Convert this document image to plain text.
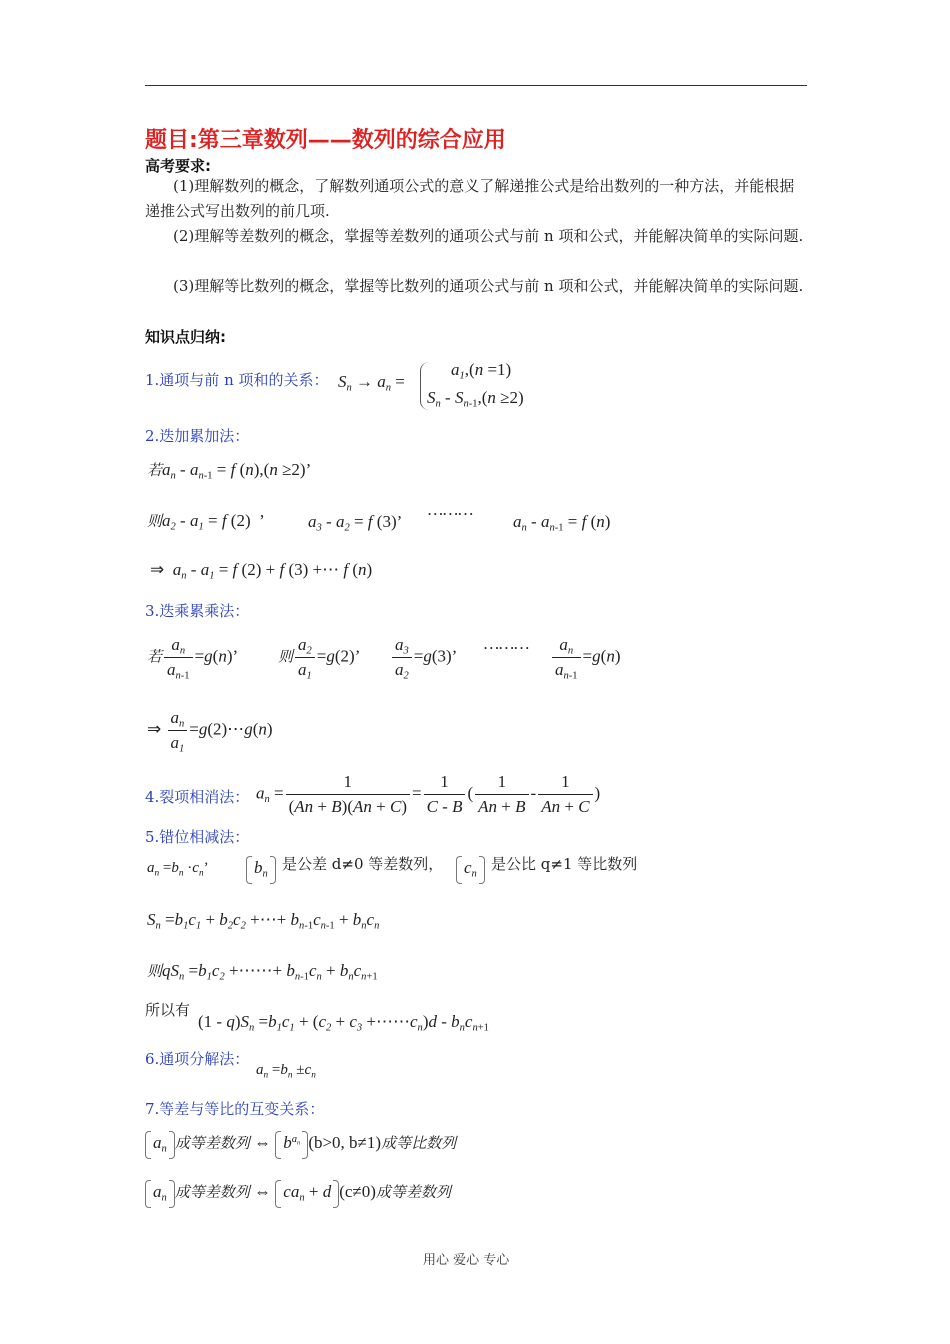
题目:第三章数列——数列的综合应用
高考要求:
(1)理解数列的概念，了解数列通项公式的意义了解递推公式是给出数列的一种方法，并能根据递推公式写出数列的前几项.
(2)理解等差数列的概念，掌握等差数列的通项公式与前 n 项和公式，并能解决简单的实际问题.
(3)理解等比数列的概念，掌握等比数列的通项公式与前 n 项和公式，并能解决简单的实际问题.
知识点归纳:
1.通项与前 n 项和的关系： $S_n \to a_n$ =
$a_1,(n =1)$
$S_n - S_{n-1},(n \ge 2)$
2.迭加累加法：
若$a_n - a_{n-1} = f$ (n),(n ≥2)’
则$a_2 - a_1 = f$ (2) ’	$a_3 - a_2 = f$ (3)’
………
$a_n - a_{n-1} = f$ (n)
⇒  $a_n - a_1 = f$ (2) + f (3) +⋯ f (n)
3.迭乘累乘法：
若 $\frac{a_n}{a_{n-1}} =g(n)$’	则 $\frac{a_2}{a_1} =g(2)$’ $\frac{a_3}{a_2} =g(3)$’
……… $\frac{a_n}{a_{n-1}} =g(n)$
⇒ $\frac{a_n}{a_1}$ =g(2)⋯g(n)
4.裂项相消法： $a_n = \frac{1}{(An + B)(An + C)} = \frac{1}{C - B}$ ( $\frac{1}{An + B} - \frac{1}{An + C}$ )
5.错位相减法：
$a_n =b_n \cdot c_n$’	$b_n$
是公差 d≠0 等差数列，	$c_n$
是公比 q≠1 等比数列
$S_n =b_1c_1 + b_2c_2$ +⋯+ $b_{n-1}c_{n-1} + b_nc_n$
则$qS_n =b_1c_2$ +⋯⋯+ $b_{n-1}c_n + b_nc_{n+1}$
所以有
$(1 - q)S_n =b_1c_1 + (c_2 + c_3$ $+\cdots\cdots c_n)d - b_nc_{n+1}$
6.通项分解法：
$a_n =b_n \pm c_n$
7.等差与等比的互变关系：
$a_n$ 成等差数列 ⇔ $b^{a_n}$ (b>0, b≠1)成等比数列
$a_n$ 成等差数列 ⇔ $ca_n + d$ (c≠0)成等差数列
用心 爱心 专心
